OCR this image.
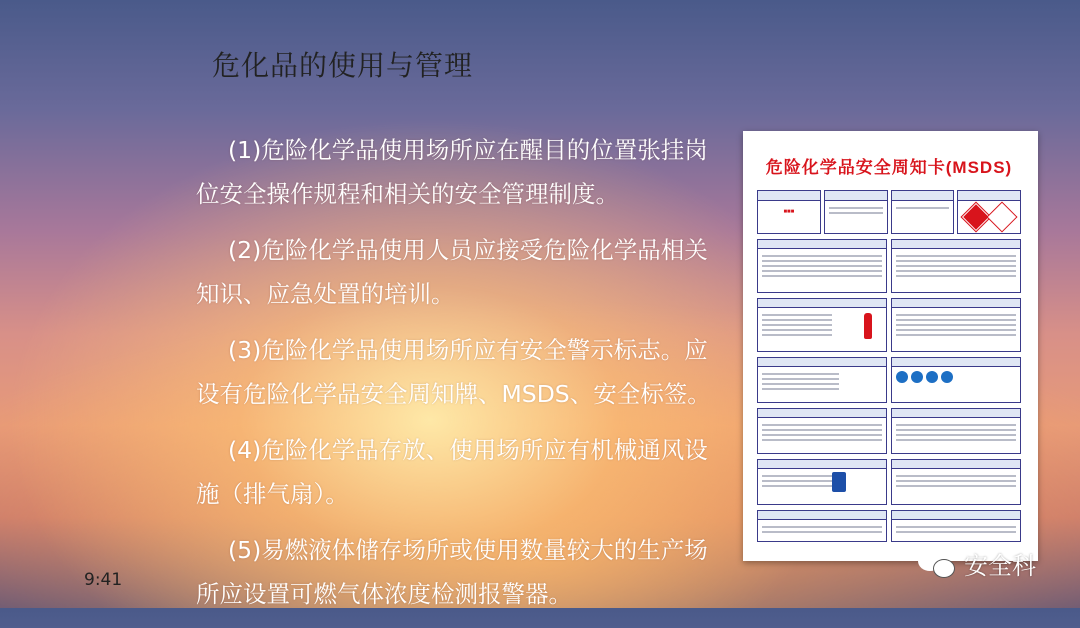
危化品的使用与管理

(1)危险化学品使用场所应在醒目的位置张挂岗位安全操作规程和相关的安全管理制度。

(2)危险化学品使用人员应接受危险化学品相关知识、应急处置的培训。

(3)危险化学品使用场所应有安全警示标志。应设有危险化学品安全周知牌、MSDS、安全标签。

(4)危险化学品存放、使用场所应有机械通风设施（排气扇）。

(5)易燃液体储存场所或使用数量较大的生产场所应设置可燃气体浓度检测报警器。

危险化学品安全周知卡(MSDS)
■■■
9:41	安全科
